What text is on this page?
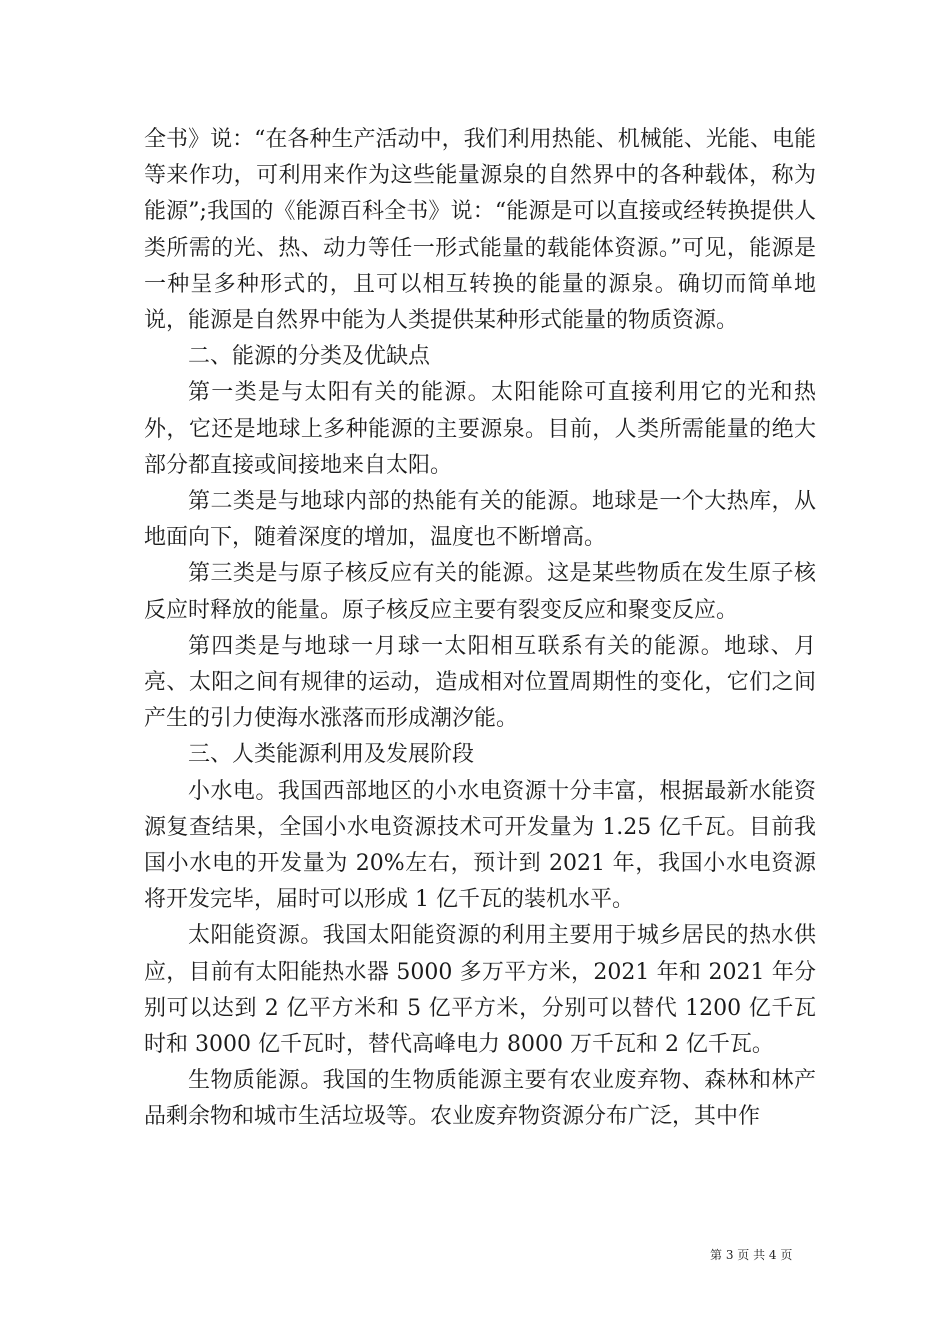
全书》说：“在各种生产活动中，我们利用热能、机械能、光能、电能等来作功，可利用来作为这些能量源泉的自然界中的各种载体，称为能源”;我国的《能源百科全书》说：“能源是可以直接或经转换提供人类所需的光、热、动力等任一形式能量的载能体资源。”可见，能源是一种呈多种形式的，且可以相互转换的能量的源泉。确切而简单地说，能源是自然界中能为人类提供某种形式能量的物质资源。

二、能源的分类及优缺点

第一类是与太阳有关的能源。太阳能除可直接利用它的光和热外，它还是地球上多种能源的主要源泉。目前，人类所需能量的绝大部分都直接或间接地来自太阳。

第二类是与地球内部的热能有关的能源。地球是一个大热库，从地面向下，随着深度的增加，温度也不断增高。

第三类是与原子核反应有关的能源。这是某些物质在发生原子核反应时释放的能量。原子核反应主要有裂变反应和聚变反应。

第四类是与地球一月球一太阳相互联系有关的能源。地球、月亮、太阳之间有规律的运动，造成相对位置周期性的变化，它们之间产生的引力使海水涨落而形成潮汐能。

三、人类能源利用及发展阶段

小水电。我国西部地区的小水电资源十分丰富，根据最新水能资源复查结果，全国小水电资源技术可开发量为 1.25 亿千瓦。目前我国小水电的开发量为 20%左右，预计到 2021 年，我国小水电资源将开发完毕，届时可以形成 1 亿千瓦的装机水平。

太阳能资源。我国太阳能资源的利用主要用于城乡居民的热水供应，目前有太阳能热水器 5000 多万平方米，2021 年和 2021 年分别可以达到 2 亿平方米和 5 亿平方米，分别可以替代 1200 亿千瓦时和 3000 亿千瓦时，替代高峰电力 8000 万千瓦和 2 亿千瓦。

生物质能源。我国的生物质能源主要有农业废弃物、森林和林产品剩余物和城市生活垃圾等。农业废弃物资源分布广泛，其中作

第 3 页 共 4 页
